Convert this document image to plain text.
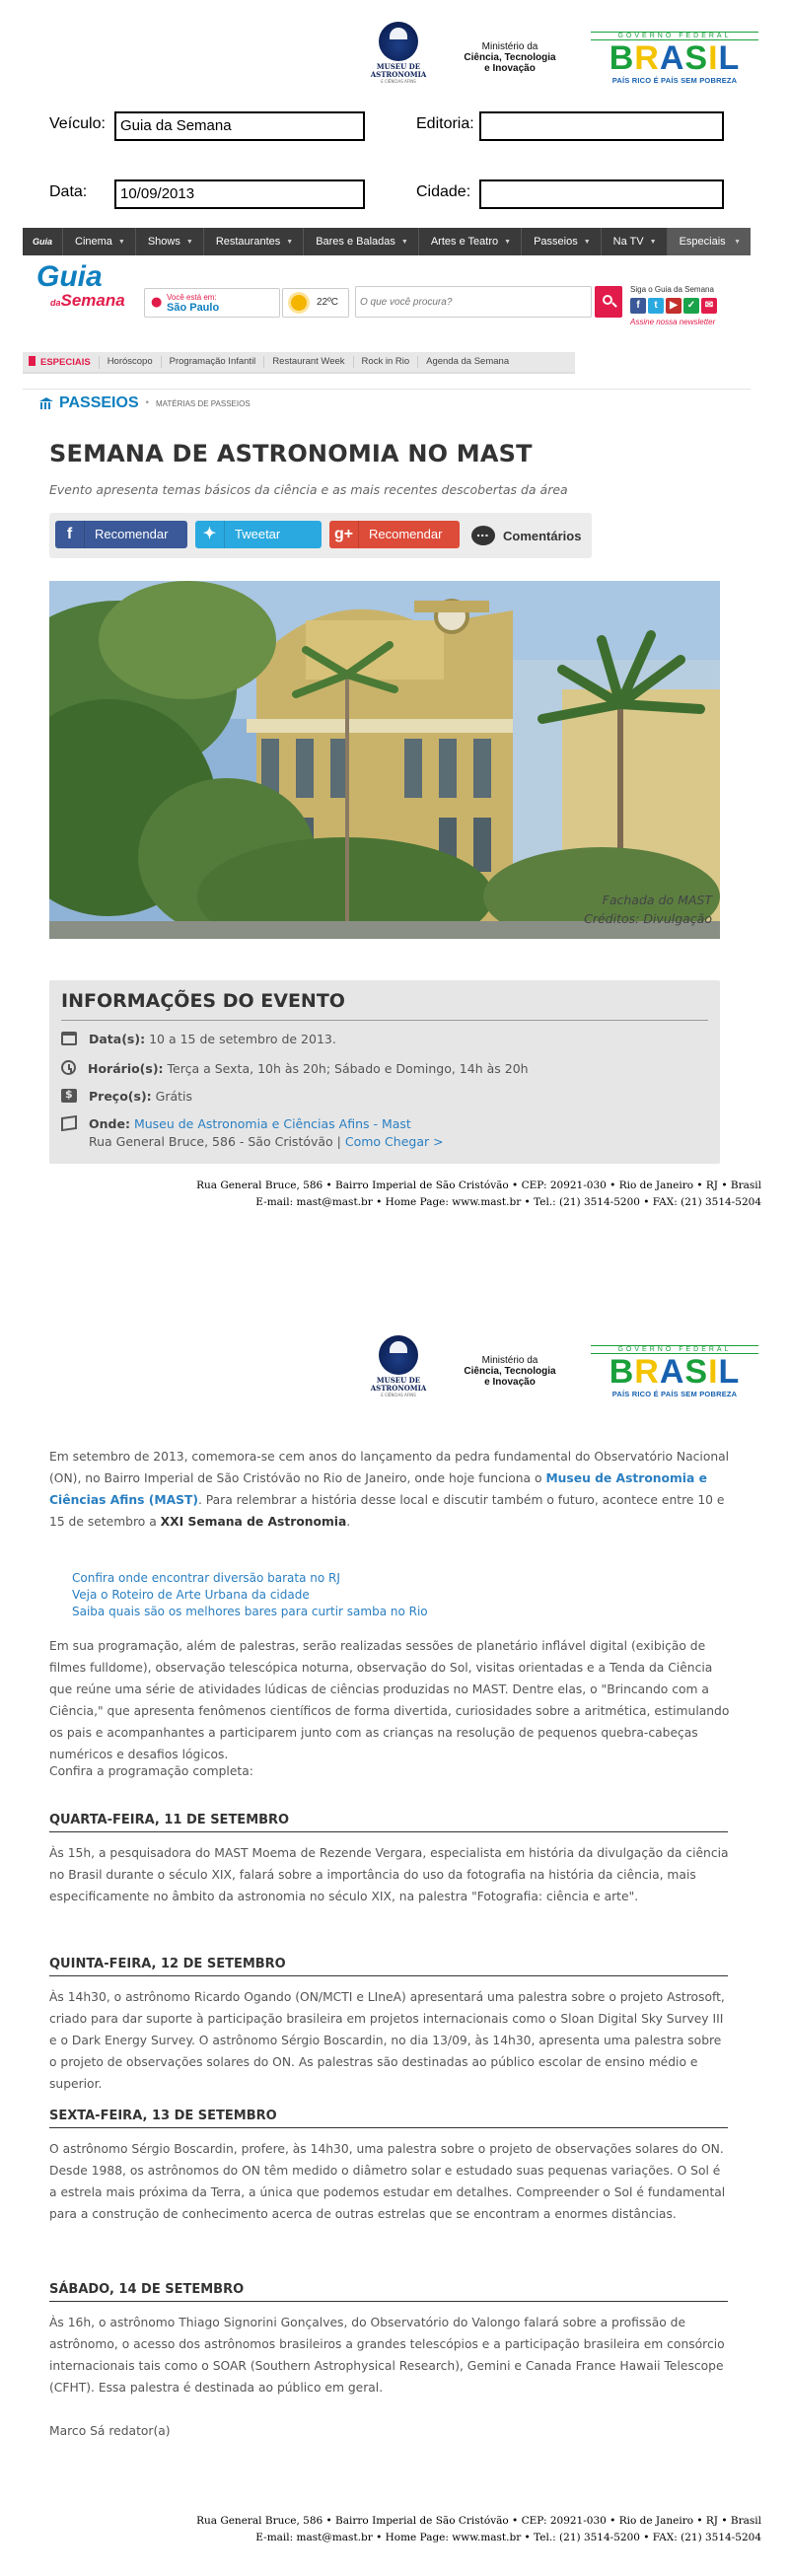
MUSEU DE ASTRONOMIA
E CIÊNCIAS AFINS
Ministério da
Ciência, Tecnologia
e Inovação
GOVERNO FEDERAL
BRASIL
PAÍS RICO É PAÍS SEM POBREZA
Veículo:	Guia da Semana	Editoria:
Data:	10/09/2013	Cidade:
Guia	Cinema ▼ Shows ▼ Restaurantes ▼ Bares e Baladas ▼ Artes e Teatro ▼ Passeios ▼ Na TV ▼ Especiais ▼
Guia
daSemana ● Você está em:
São Paulo	22ºC
O que você procura?
Siga o Guia da Semana
f	t	▶ ✓ ✉
Assine nossa newsletter
ESPECIAIS	Horóscopo	Programação Infantil	Restaurant Week	Rock in Rio	Agenda da Semana
PASSEIOS • MATÉRIAS DE PASSEIOS
SEMANA DE ASTRONOMIA NO MAST
Evento apresenta temas básicos da ciência e as mais recentes descobertas da área
f	Recomendar	✦	Tweetar	g+	Recomendar
...	Comentários
Fachada do MAST
Créditos: Divulgação
INFORMAÇÕES DO EVENTO
Data(s): 10 a 15 de setembro de 2013.
Horário(s): Terça a Sexta, 10h às 20h; Sábado e Domingo, 14h às 20h
$Preço(s): Grátis
Onde: Museu de Astronomia e Ciências Afins - Mast
Rua General Bruce, 586 - São Cristóvão | Como Chegar >
Rua General Bruce, 586 • Bairro Imperial de São Cristóvão • CEP: 20921-030 • Rio de Janeiro • RJ • Brasil
E-mail: mast@mast.br • Home Page: www.mast.br • Tel.: (21) 3514-5200 • FAX: (21) 3514-5204
MUSEU DE ASTRONOMIA
E CIÊNCIAS AFINS
Ministério da
Ciência, Tecnologia
e Inovação
GOVERNO FEDERAL
BRASIL
PAÍS RICO É PAÍS SEM POBREZA
Em setembro de 2013, comemora-se cem anos do lançamento da pedra fundamental do Observatório Nacional (ON), no Bairro Imperial de São Cristóvão no Rio de Janeiro, onde hoje funciona o Museu de Astronomia e Ciências Afins (MAST). Para relembrar a história desse local e discutir também o futuro, acontece entre 10 e 15 de setembro a XXI Semana de Astronomia.
Confira onde encontrar diversão barata no RJ
Veja o Roteiro de Arte Urbana da cidade
Saiba quais são os melhores bares para curtir samba no Rio
Em sua programação, além de palestras, serão realizadas sessões de planetário inflável digital (exibição de filmes fulldome), observação telescópica noturna, observação do Sol, visitas orientadas e a Tenda da Ciência que reúne uma série de atividades lúdicas de ciências produzidas no MAST. Dentre elas, o "Brincando com a Ciência," que apresenta fenômenos científicos de forma divertida, curiosidades sobre a aritmética, estimulando os pais e acompanhantes a participarem junto com as crianças na resolução de pequenos quebra-cabeças numéricos e desafios lógicos.
Confira a programação completa:
QUARTA-FEIRA, 11 DE SETEMBRO
Às 15h, a pesquisadora do MAST Moema de Rezende Vergara, especialista em história da divulgação da ciência no Brasil durante o século XIX, falará sobre a importância do uso da fotografia na história da ciência, mais especificamente no âmbito da astronomia no século XIX, na palestra "Fotografia: ciência e arte".
QUINTA-FEIRA, 12 DE SETEMBRO
Às 14h30, o astrônomo Ricardo Ogando (ON/MCTI e LIneA) apresentará uma palestra sobre o projeto Astrosoft, criado para dar suporte à participação brasileira em projetos internacionais como o Sloan Digital Sky Survey III e o Dark Energy Survey. O astrônomo Sérgio Boscardin, no dia 13/09, às 14h30, apresenta uma palestra sobre o projeto de observações solares do ON. As palestras são destinadas ao público escolar de ensino médio e superior.
SEXTA-FEIRA, 13 DE SETEMBRO
O astrônomo Sérgio Boscardin, profere, às 14h30, uma palestra sobre o projeto de observações solares do ON. Desde 1988, os astrônomos do ON têm medido o diâmetro solar e estudado suas pequenas variações. O Sol é a estrela mais próxima da Terra, a única que podemos estudar em detalhes. Compreender o Sol é fundamental para a construção de conhecimento acerca de outras estrelas que se encontram a enormes distâncias.
SÁBADO, 14 DE SETEMBRO
Às 16h, o astrônomo Thiago Signorini Gonçalves, do Observatório do Valongo falará sobre a profissão de astrônomo, o acesso dos astrônomos brasileiros a grandes telescópios e a participação brasileira em consórcio internacionais tais como o SOAR (Southern Astrophysical Research), Gemini e Canada France Hawaii Telescope (CFHT). Essa palestra é destinada ao público em geral.
Marco Sá redator(a)
Rua General Bruce, 586 • Bairro Imperial de São Cristóvão • CEP: 20921-030 • Rio de Janeiro • RJ • Brasil
E-mail: mast@mast.br • Home Page: www.mast.br • Tel.: (21) 3514-5200 • FAX: (21) 3514-5204
